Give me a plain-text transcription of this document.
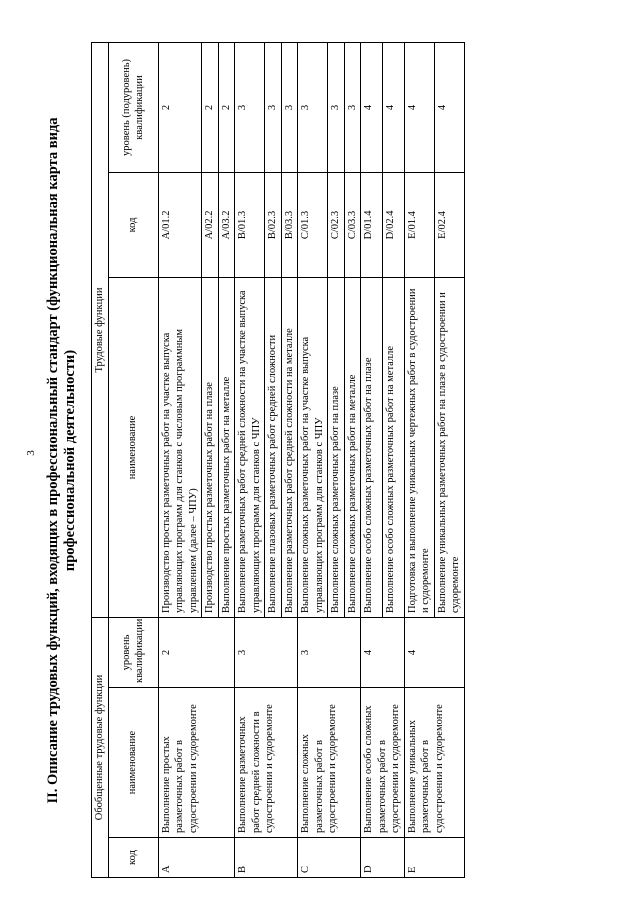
3 II. Описание трудовых функций, входящих в профессиональный стандарт (функциональная карта вида профессиональной деятельности)
Обобщенные трудовые функции			Трудовые функции		
код	наименование	уровень квалификации	наименование	код	уровень (подуровень) квалификации
A	Выполнение простых разметочных работ в судостроении и судоремонте	2	Производство простых разметочных работ на участке выпуска управляющих программ для станков с числовым программным управлением (далее – ЧПУ)	A/01.2	2
			Производство простых разметочных работ на плазе	A/02.2	2
			Выполнение простых разметочных работ на металле	A/03.2	2
B	Выполнение разметочных работ средней сложности в судостроении и судоремонте	3	Выполнение разметочных работ средней сложности на участке выпуска управляющих программ для станков с ЧПУ	B/01.3	3
			Выполнение плазовых разметочных работ средней сложности	B/02.3	3
			Выполнение разметочных работ средней сложности на металле	B/03.3	3
C	Выполнение сложных разметочных работ в судостроении и судоремонте	3	Выполнение сложных разметочных работ на участке выпуска управляющих программ для станков с ЧПУ	C/01.3	3
			Выполнение сложных разметочных работ на плазе	C/02.3	3
			Выполнение сложных разметочных работ на металле	C/03.3	3
D	Выполнение особо сложных разметочных работ в судостроении и судоремонте	4	Выполнение особо сложных разметочных работ на плазе	D/01.4	4
			Выполнение особо сложных разметочных работ на металле	D/02.4	4
E	Выполнение уникальных разметочных работ в судостроении и судоремонте	4	Подготовка и выполнение уникальных чертежных работ в судостроении и судоремонте	E/01.4	4
			Выполнение уникальных разметочных работ на плазе в судостроении и судоремонте	E/02.4	4
